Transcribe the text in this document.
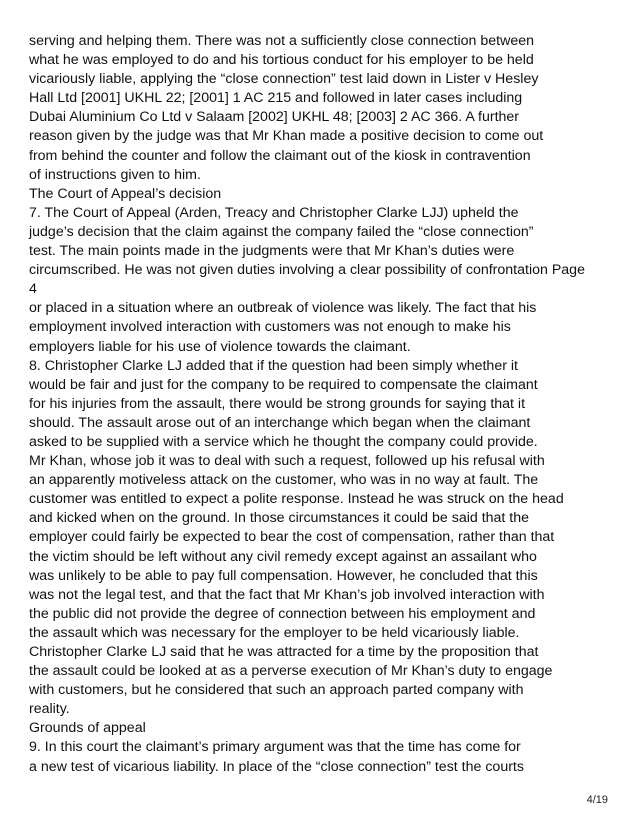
serving and helping them. There was not a sufficiently close connection between
what he was employed to do and his tortious conduct for his employer to be held
vicariously liable, applying the “close connection” test laid down in Lister v Hesley
Hall Ltd [2001] UKHL 22; [2001] 1 AC 215 and followed in later cases including
Dubai Aluminium Co Ltd v Salaam [2002] UKHL 48; [2003] 2 AC 366. A further
reason given by the judge was that Mr Khan made a positive decision to come out
from behind the counter and follow the claimant out of the kiosk in contravention
of instructions given to him.
The Court of Appeal’s decision
7. The Court of Appeal (Arden, Treacy and Christopher Clarke LJJ) upheld the
judge’s decision that the claim against the company failed the “close connection”
test. The main points made in the judgments were that Mr Khan’s duties were
circumscribed. He was not given duties involving a clear possibility of confrontation Page
4
or placed in a situation where an outbreak of violence was likely. The fact that his
employment involved interaction with customers was not enough to make his
employers liable for his use of violence towards the claimant.
8. Christopher Clarke LJ added that if the question had been simply whether it
would be fair and just for the company to be required to compensate the claimant
for his injuries from the assault, there would be strong grounds for saying that it
should. The assault arose out of an interchange which began when the claimant
asked to be supplied with a service which he thought the company could provide.
Mr Khan, whose job it was to deal with such a request, followed up his refusal with
an apparently motiveless attack on the customer, who was in no way at fault. The
customer was entitled to expect a polite response. Instead he was struck on the head
and kicked when on the ground. In those circumstances it could be said that the
employer could fairly be expected to bear the cost of compensation, rather than that
the victim should be left without any civil remedy except against an assailant who
was unlikely to be able to pay full compensation. However, he concluded that this
was not the legal test, and that the fact that Mr Khan’s job involved interaction with
the public did not provide the degree of connection between his employment and
the assault which was necessary for the employer to be held vicariously liable.
Christopher Clarke LJ said that he was attracted for a time by the proposition that
the assault could be looked at as a perverse execution of Mr Khan’s duty to engage
with customers, but he considered that such an approach parted company with
reality.
Grounds of appeal
9. In this court the claimant’s primary argument was that the time has come for
a new test of vicarious liability. In place of the “close connection” test the courts
4/19
